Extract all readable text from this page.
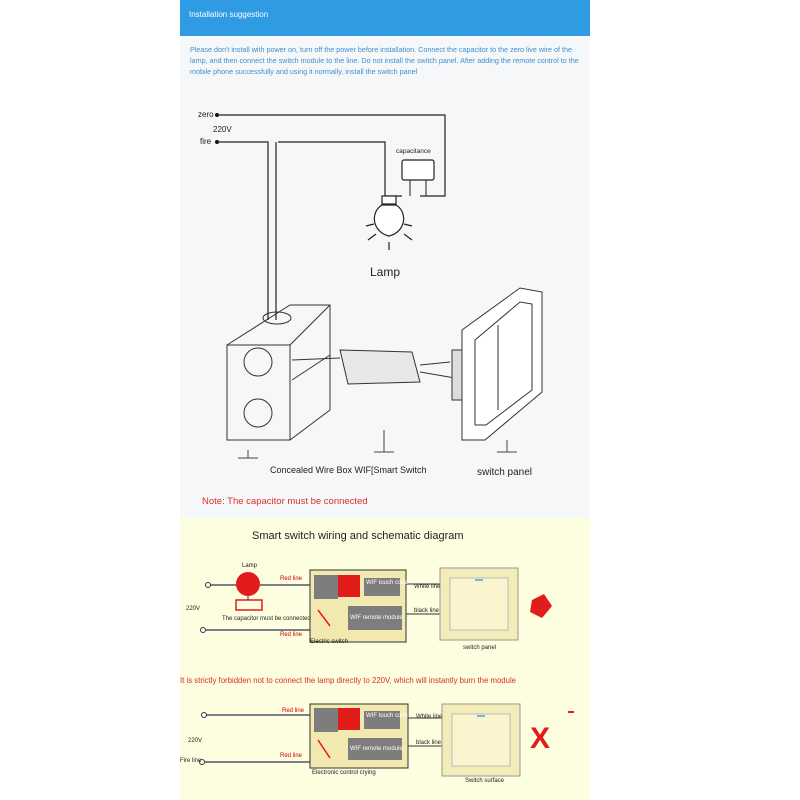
Installation suggestion
Please don't install with power on, turn off the power before installation. Connect the capacitor to the zero live wire of the lamp, and then connect the switch module to the line. Do not install the switch panel. After adding the remote control to the mobile phone successfully and using it normally, install the switch panel
zero
220V
fire
capacitance
Lamp
Concealed Wire Box WIF[Smart Switch	switch panel
Note: The capacitor must be connected
Smart switch wiring and schematic diagram
Lamp
Red line
220V
The capacitor must be connected
Red line
WIF touch code
White line
black line
WIF remote module
Electric switch
switch panel
It is strictly forbidden not to connect the lamp directly to 220V, which will instantly burn the module
Red line
220V
Red line
Fire line
WIF touch code White line
black line
WIF remote module
Electronic control crying
Switch surface
X
